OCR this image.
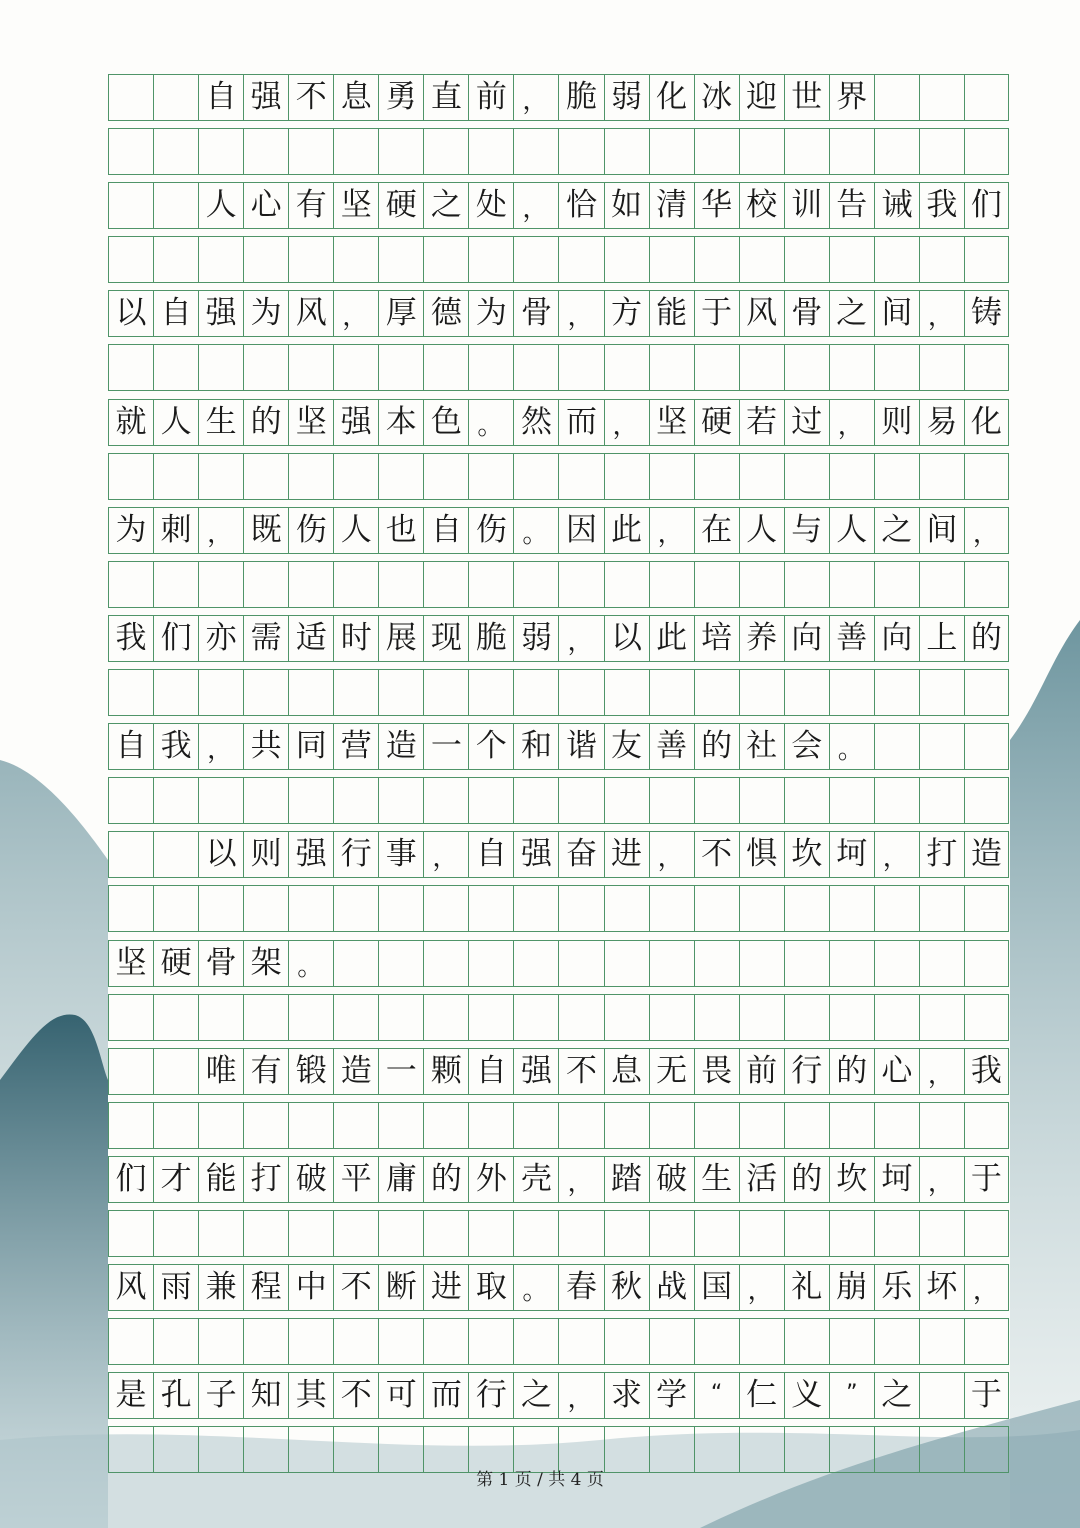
自 强 不 息 勇 直 前 ， 脆 弱 化 冰 迎 世 界
人 心 有 坚 硬 之 处 ， 恰 如 清 华 校 训 告 诫 我 们
以 自 强 为 风 ， 厚 德 为 骨 ， 方 能 于 风 骨 之 间 ， 铸
就 人 生 的 坚 强 本 色 。 然 而 ， 坚 硬 若 过 ， 则 易 化
为 刺 ， 既 伤 人 也 自 伤 。 因 此 ， 在 人 与 人 之 间 ，
我 们 亦 需 适 时 展 现 脆 弱 ， 以 此 培 养 向 善 向 上 的
自 我 ， 共 同 营 造 一 个 和 谐 友 善 的 社 会 。
以 则 强 行 事 ， 自 强 奋 进 ， 不 惧 坎 坷 ， 打 造
坚 硬 骨 架 。
唯 有 锻 造 一 颗 自 强 不 息 无 畏 前 行 的 心 ， 我
们 才 能 打 破 平 庸 的 外 壳 ， 踏 破 生 活 的 坎 坷 ， 于
风 雨 兼 程 中 不 断 进 取 。 春 秋 战 国 ， 礼 崩 乐 坏 ，
是 孔 子 知 其 不 可 而 行 之 ， 求 学	“ 仁 义	” 之 于
第 1 页 / 共 4 页
